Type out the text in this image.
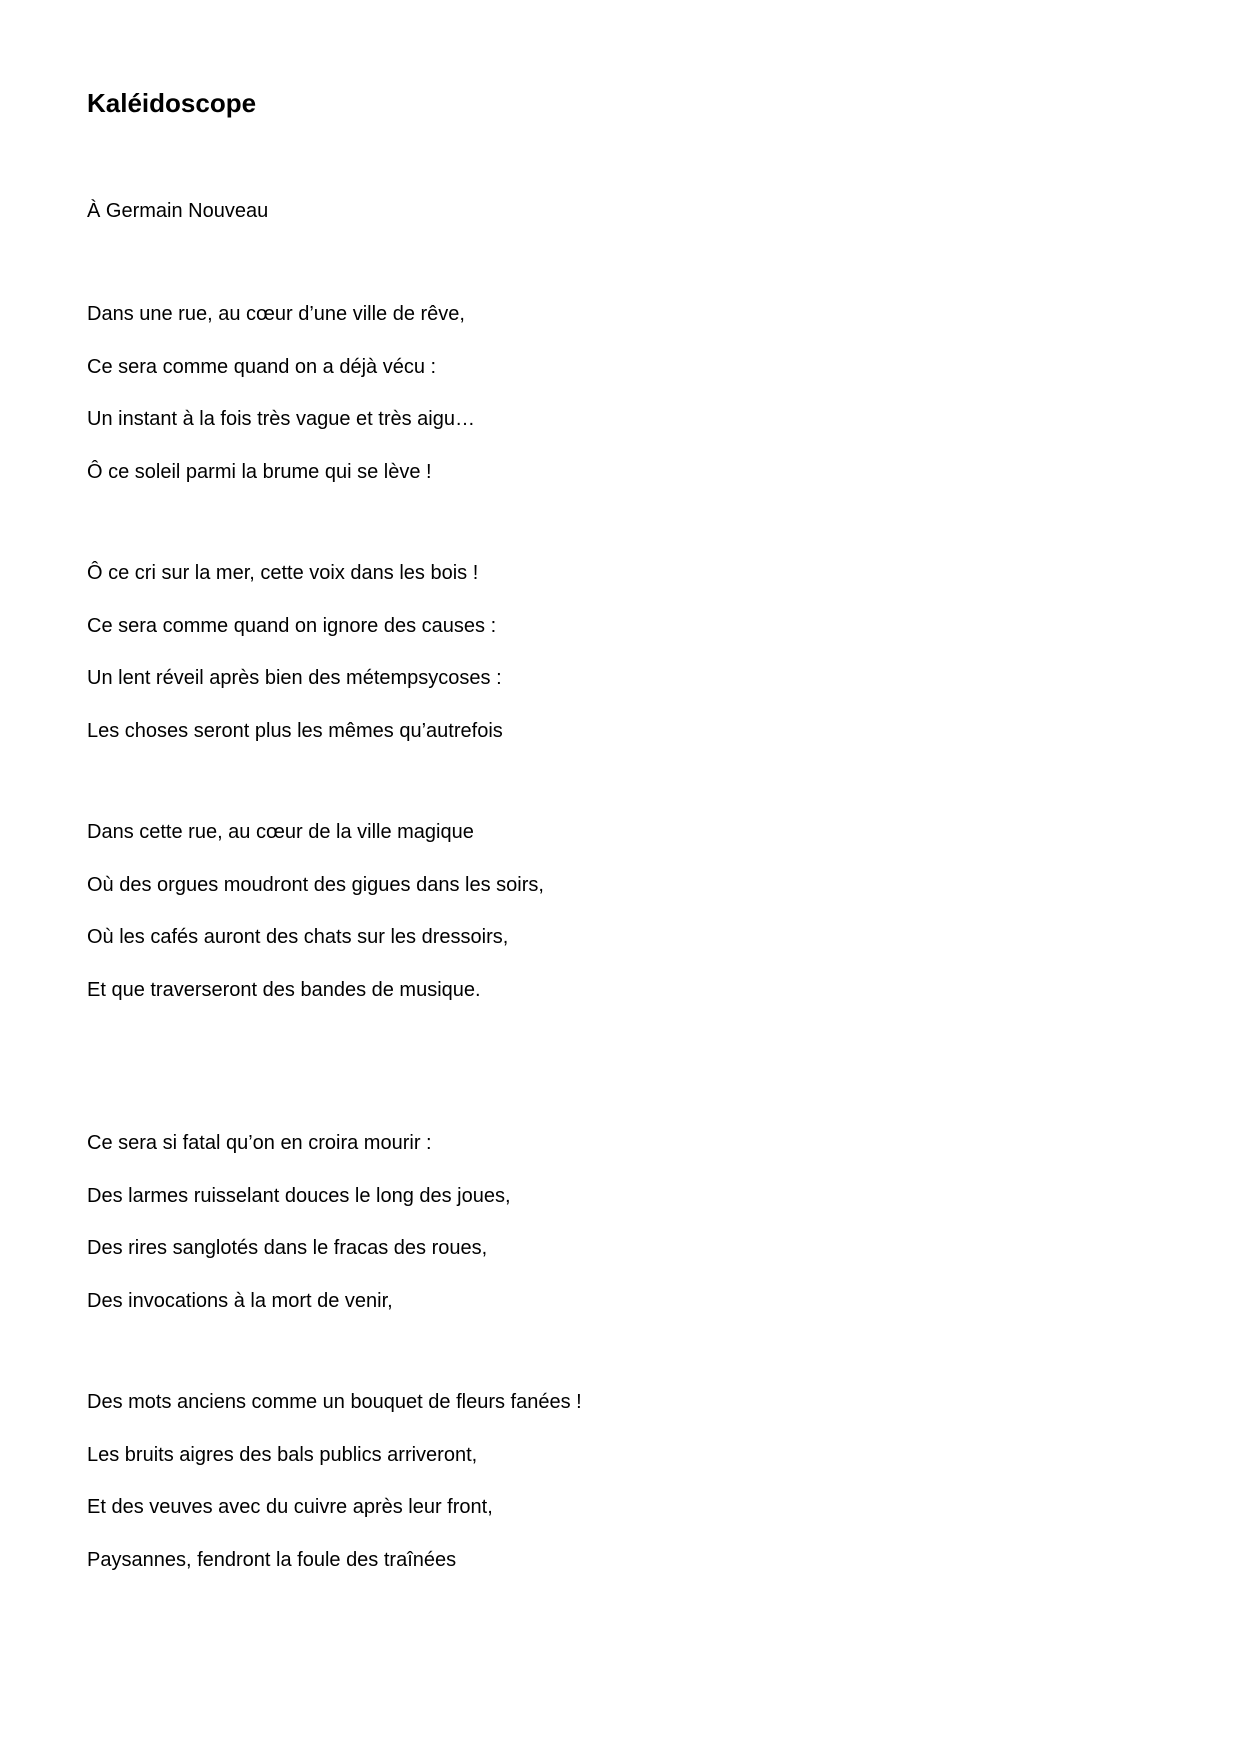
Kaléidoscope

À Germain Nouveau

Dans une rue, au cœur d’une ville de rêve,
Ce sera comme quand on a déjà vécu :
Un instant à la fois très vague et très aigu…
Ô ce soleil parmi la brume qui se lève !
Ô ce cri sur la mer, cette voix dans les bois !
Ce sera comme quand on ignore des causes :
Un lent réveil après bien des métempsycoses :
Les choses seront plus les mêmes qu’autrefois
Dans cette rue, au cœur de la ville magique
Où des orgues moudront des gigues dans les soirs,
Où les cafés auront des chats sur les dressoirs,
Et que traverseront des bandes de musique.
Ce sera si fatal qu’on en croira mourir :
Des larmes ruisselant douces le long des joues,
Des rires sanglotés dans le fracas des roues,
Des invocations à la mort de venir,
Des mots anciens comme un bouquet de fleurs fanées !
Les bruits aigres des bals publics arriveront,
Et des veuves avec du cuivre après leur front,
Paysannes, fendront la foule des traînées
